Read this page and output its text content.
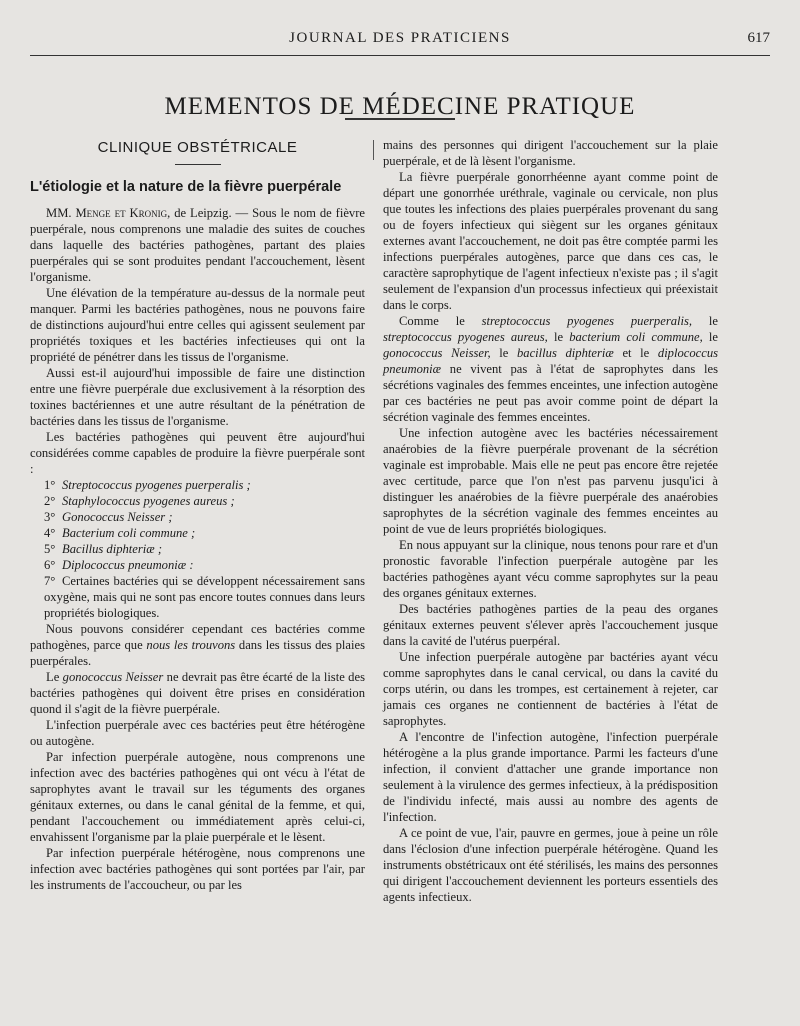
JOURNAL DES PRATICIENS	617
MEMENTOS DE MÉDECINE PRATIQUE
CLINIQUE OBSTÉTRICALE
L'étiologie et la nature de la fièvre puerpérale

MM. Menge et Kronig, de Leipzig. — Sous le nom de fièvre puerpérale, nous comprenons une maladie des suites de couches dans laquelle des bactéries pathogènes, partant des plaies puerpérales qui se sont produites pendant l'accouchement, lèsent l'organisme.

Une élévation de la température au-dessus de la normale peut manquer. Parmi les bactéries pathogènes, nous ne pouvons faire de distinctions aujourd'hui entre celles qui agissent seulement par propriétés toxiques et les bactéries infectieuses qui ont la propriété de pénétrer dans les tissus de l'organisme.

Aussi est-il aujourd'hui impossible de faire une distinction entre une fièvre puerpérale due exclusivement à la résorption des toxines bactériennes et une autre résultant de la pénétration de bactéries dans les tissus de l'organisme.

Les bactéries pathogènes qui peuvent être aujourd'hui considérées comme capables de produire la fièvre puerpérale sont :

1° Streptococcus pyogenes puerperalis ;
2° Staphylococcus pyogenes aureus ;
3° Gonococcus Neisser ;
4° Bacterium coli commune ;
5° Bacillus diphteriæ ;
6° Diplococcus pneumoniæ :
7° Certaines bactéries qui se développent nécessairement sans oxygène, mais qui ne sont pas encore toutes connues dans leurs propriétés biologiques.

Nous pouvons considérer cependant ces bactéries comme pathogènes, parce que nous les trouvons dans les tissus des plaies puerpérales.

Le gonococcus Neisser ne devrait pas être écarté de la liste des bactéries pathogènes qui doivent être prises en considération quond il s'agit de la fièvre puerpérale.

L'infection puerpérale avec ces bactéries peut être hétérogène ou autogène.

Par infection puerpérale autogène, nous comprenons une infection avec des bactéries pathogènes qui ont vécu à l'état de saprophytes avant le travail sur les téguments des organes génitaux externes, ou dans le canal génital de la femme, et qui, pendant l'accouchement ou immédiatement après celui-ci, envahissent l'organisme par la plaie puerpérale et le lèsent.

Par infection puerpérale hétérogène, nous comprenons une infection avec bactéries pathogènes qui sont portées par l'air, par les instruments de l'accoucheur, ou par les

mains des personnes qui dirigent l'accouchement sur la plaie puerpérale, et de là lèsent l'organisme.

La fièvre puerpérale gonorrhéenne ayant comme point de départ une gonorrhée uréthrale, vaginale ou cervicale, non plus que toutes les infections des plaies puerpérales provenant du sang ou de foyers infectieux qui siègent sur les organes génitaux externes avant l'accouchement, ne doit pas être comptée parmi les infections puerpérales autogènes, parce que dans ces cas, le caractère saprophytique de l'agent infectieux n'existe pas ; il s'agit seulement de l'expansion d'un processus infectieux qui préexistait dans le corps.

Comme le streptococcus pyogenes puerperalis, le streptococcus pyogenes aureus, le bacterium coli commune, le gonococcus Neisser, le bacillus diphteriæ et le diplococcus pneumoniæ ne vivent pas à l'état de saprophytes dans les sécrétions vaginales des femmes enceintes, une infection autogène par ces bactéries ne peut pas avoir comme point de départ la sécrétion vaginale des femmes enceintes.

Une infection autogène avec les bactéries nécessairement anaérobies de la fièvre puerpérale provenant de la sécrétion vaginale est improbable. Mais elle ne peut pas encore être rejetée avec certitude, parce que l'on n'est pas parvenu jusqu'ici à distinguer les anaérobies de la fièvre puerpérale des anaérobies saprophytes de la sécrétion vaginale des femmes enceintes au point de vue de leurs propriétés biologiques.

En nous appuyant sur la clinique, nous tenons pour rare et d'un pronostic favorable l'infection puerpérale autogène par les bactéries pathogènes ayant vécu comme saprophytes sur la peau des organes génitaux externes.

Des bactéries pathogènes parties de la peau des organes génitaux externes peuvent s'élever après l'accouchement jusque dans la cavité de l'utérus puerpéral.

Une infection puerpérale autogène par bactéries ayant vécu comme saprophytes dans le canal cervical, ou dans la cavité du corps utérin, ou dans les trompes, est certainement à rejeter, car jamais ces organes ne contiennent de bactéries à l'état de saprophytes.

A l'encontre de l'infection autogène, l'infection puerpérale hétérogène a la plus grande importance. Parmi les facteurs d'une infection, il convient d'attacher une grande importance non seulement à la virulence des germes infectieux, à la prédisposition de l'individu infecté, mais aussi au nombre des agents de l'infection.

A ce point de vue, l'air, pauvre en germes, joue à peine un rôle dans l'éclosion d'une infection puerpérale hétérogène. Quand les instruments obstétricaux ont été stérilisés, les mains des personnes qui dirigent l'accouchement deviennent les porteurs essentiels des agents infectieux.
